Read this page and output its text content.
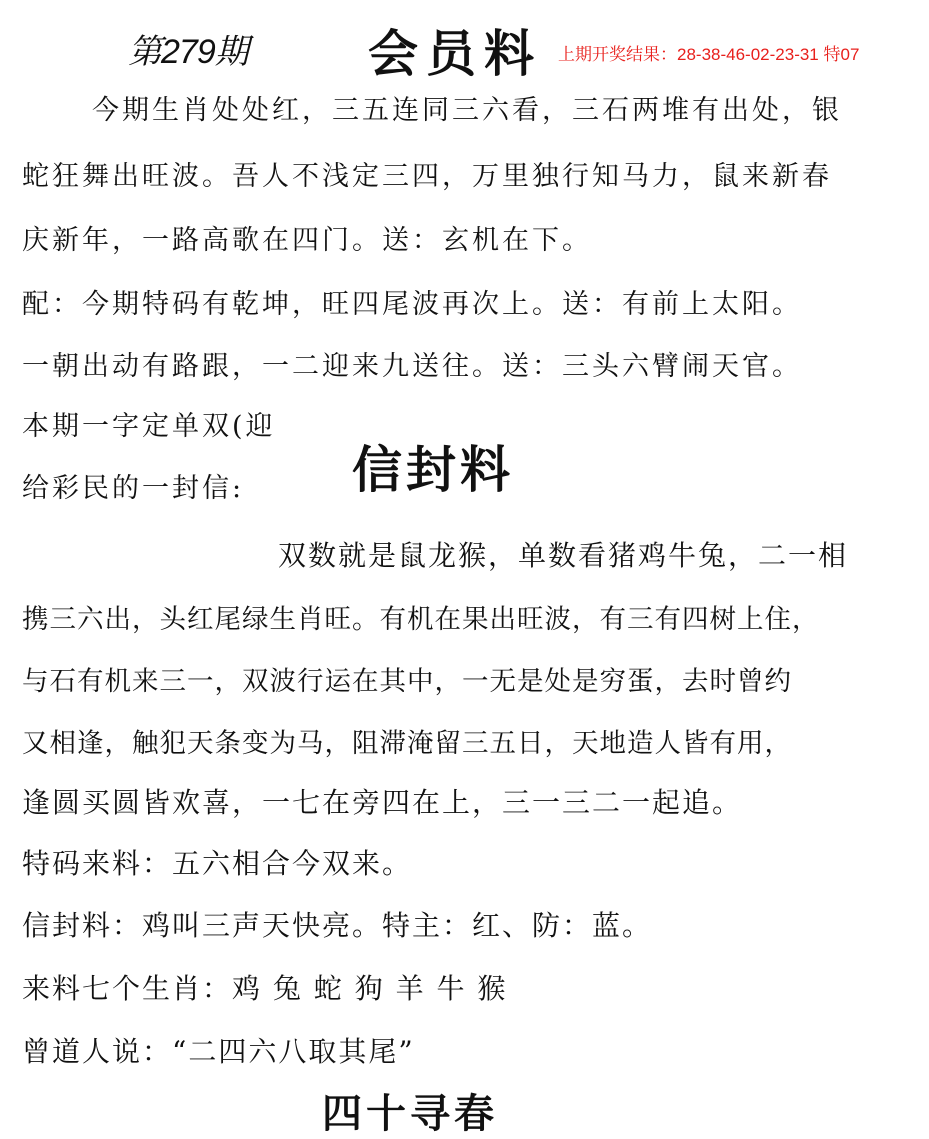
第279期 会员料 上期开奖结果：28-38-46-02-23-31 特07
今期生肖处处红，三五连同三六看，三石两堆有出处，银
蛇狂舞出旺波。吾人不浅定三四，万里独行知马力，鼠来新春
庆新年，一路高歌在四门。送：玄机在下。
配：今期特码有乾坤，旺四尾波再次上。送：有前上太阳。
一朝出动有路跟，一二迎来九送往。送：三头六臂闹天官。
本期一字定单双(迎
给彩民的一封信:	信封料
双数就是鼠龙猴，单数看猪鸡牛兔，二一相
携三六出，头红尾绿生肖旺。有机在果出旺波，有三有四树上住，
与石有机来三一，双波行运在其中，一无是处是穷蛋，去时曾约
又相逢，触犯天条变为马，阻滞淹留三五日，天地造人皆有用，
逢圆买圆皆欢喜，一七在旁四在上，三一三二一起追。
特码来料：五六相合今双来。
信封料：鸡叫三声天快亮。特主：红、防：蓝。
来料七个生肖：鸡 兔 蛇 狗 羊 牛 猴
曾道人说：“二四六八取其尾”
四十寻春
